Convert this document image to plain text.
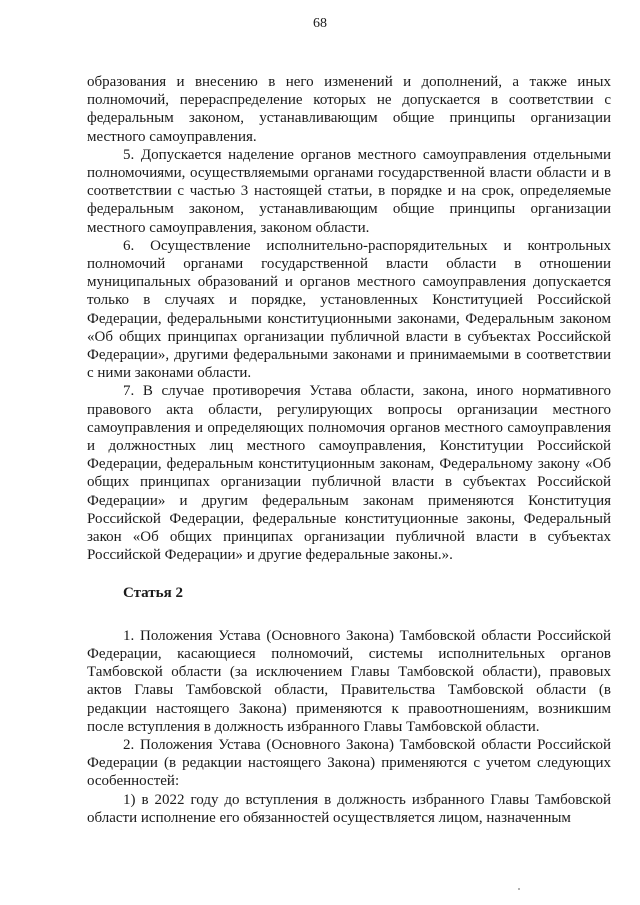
68

образования и внесению в него изменений и дополнений, а также иных полномочий, перераспределение которых не допускается в соответствии с федеральным законом, устанавливающим общие принципы организации местного самоуправления.

5. Допускается наделение органов местного самоуправления отдельными полномочиями, осуществляемыми органами государственной власти области и в соответствии с частью 3 настоящей статьи, в порядке и на срок, определяемые федеральным законом, устанавливающим общие принципы организации местного самоуправления, законом области.

6. Осуществление исполнительно-распорядительных и контрольных полномочий органами государственной власти области в отношении муниципальных образований и органов местного самоуправления допускается только в случаях и порядке, установленных Конституцией Российской Федерации, федеральными конституционными законами, Федеральным законом «Об общих принципах организации публичной власти в субъектах Российской Федерации», другими федеральными законами и принимаемыми в соответствии с ними законами области.

7. В случае противоречия Устава области, закона, иного нормативного правового акта области, регулирующих вопросы организации местного самоуправления и определяющих полномочия органов местного самоуправления и должностных лиц местного самоуправления, Конституции Российской Федерации, федеральным конституционным законам, Федеральному закону «Об общих принципах организации публичной власти в субъектах Российской Федерации» и другим федеральным законам применяются Конституция Российской Федерации, федеральные конституционные законы, Федеральный закон «Об общих принципах организации публичной власти в субъектах Российской Федерации» и другие федеральные законы.».

Статья 2

1. Положения Устава (Основного Закона) Тамбовской области Российской Федерации, касающиеся полномочий, системы исполнительных органов Тамбовской области (за исключением Главы Тамбовской области), правовых актов Главы Тамбовской области, Правительства Тамбовской области (в редакции настоящего Закона) применяются к правоотношениям, возникшим после вступления в должность избранного Главы Тамбовской области.

2. Положения Устава (Основного Закона) Тамбовской области Российской Федерации (в редакции настоящего Закона) применяются с учетом следующих особенностей:

1) в 2022 году до вступления в должность избранного Главы Тамбовской области исполнение его обязанностей осуществляется лицом, назначенным
